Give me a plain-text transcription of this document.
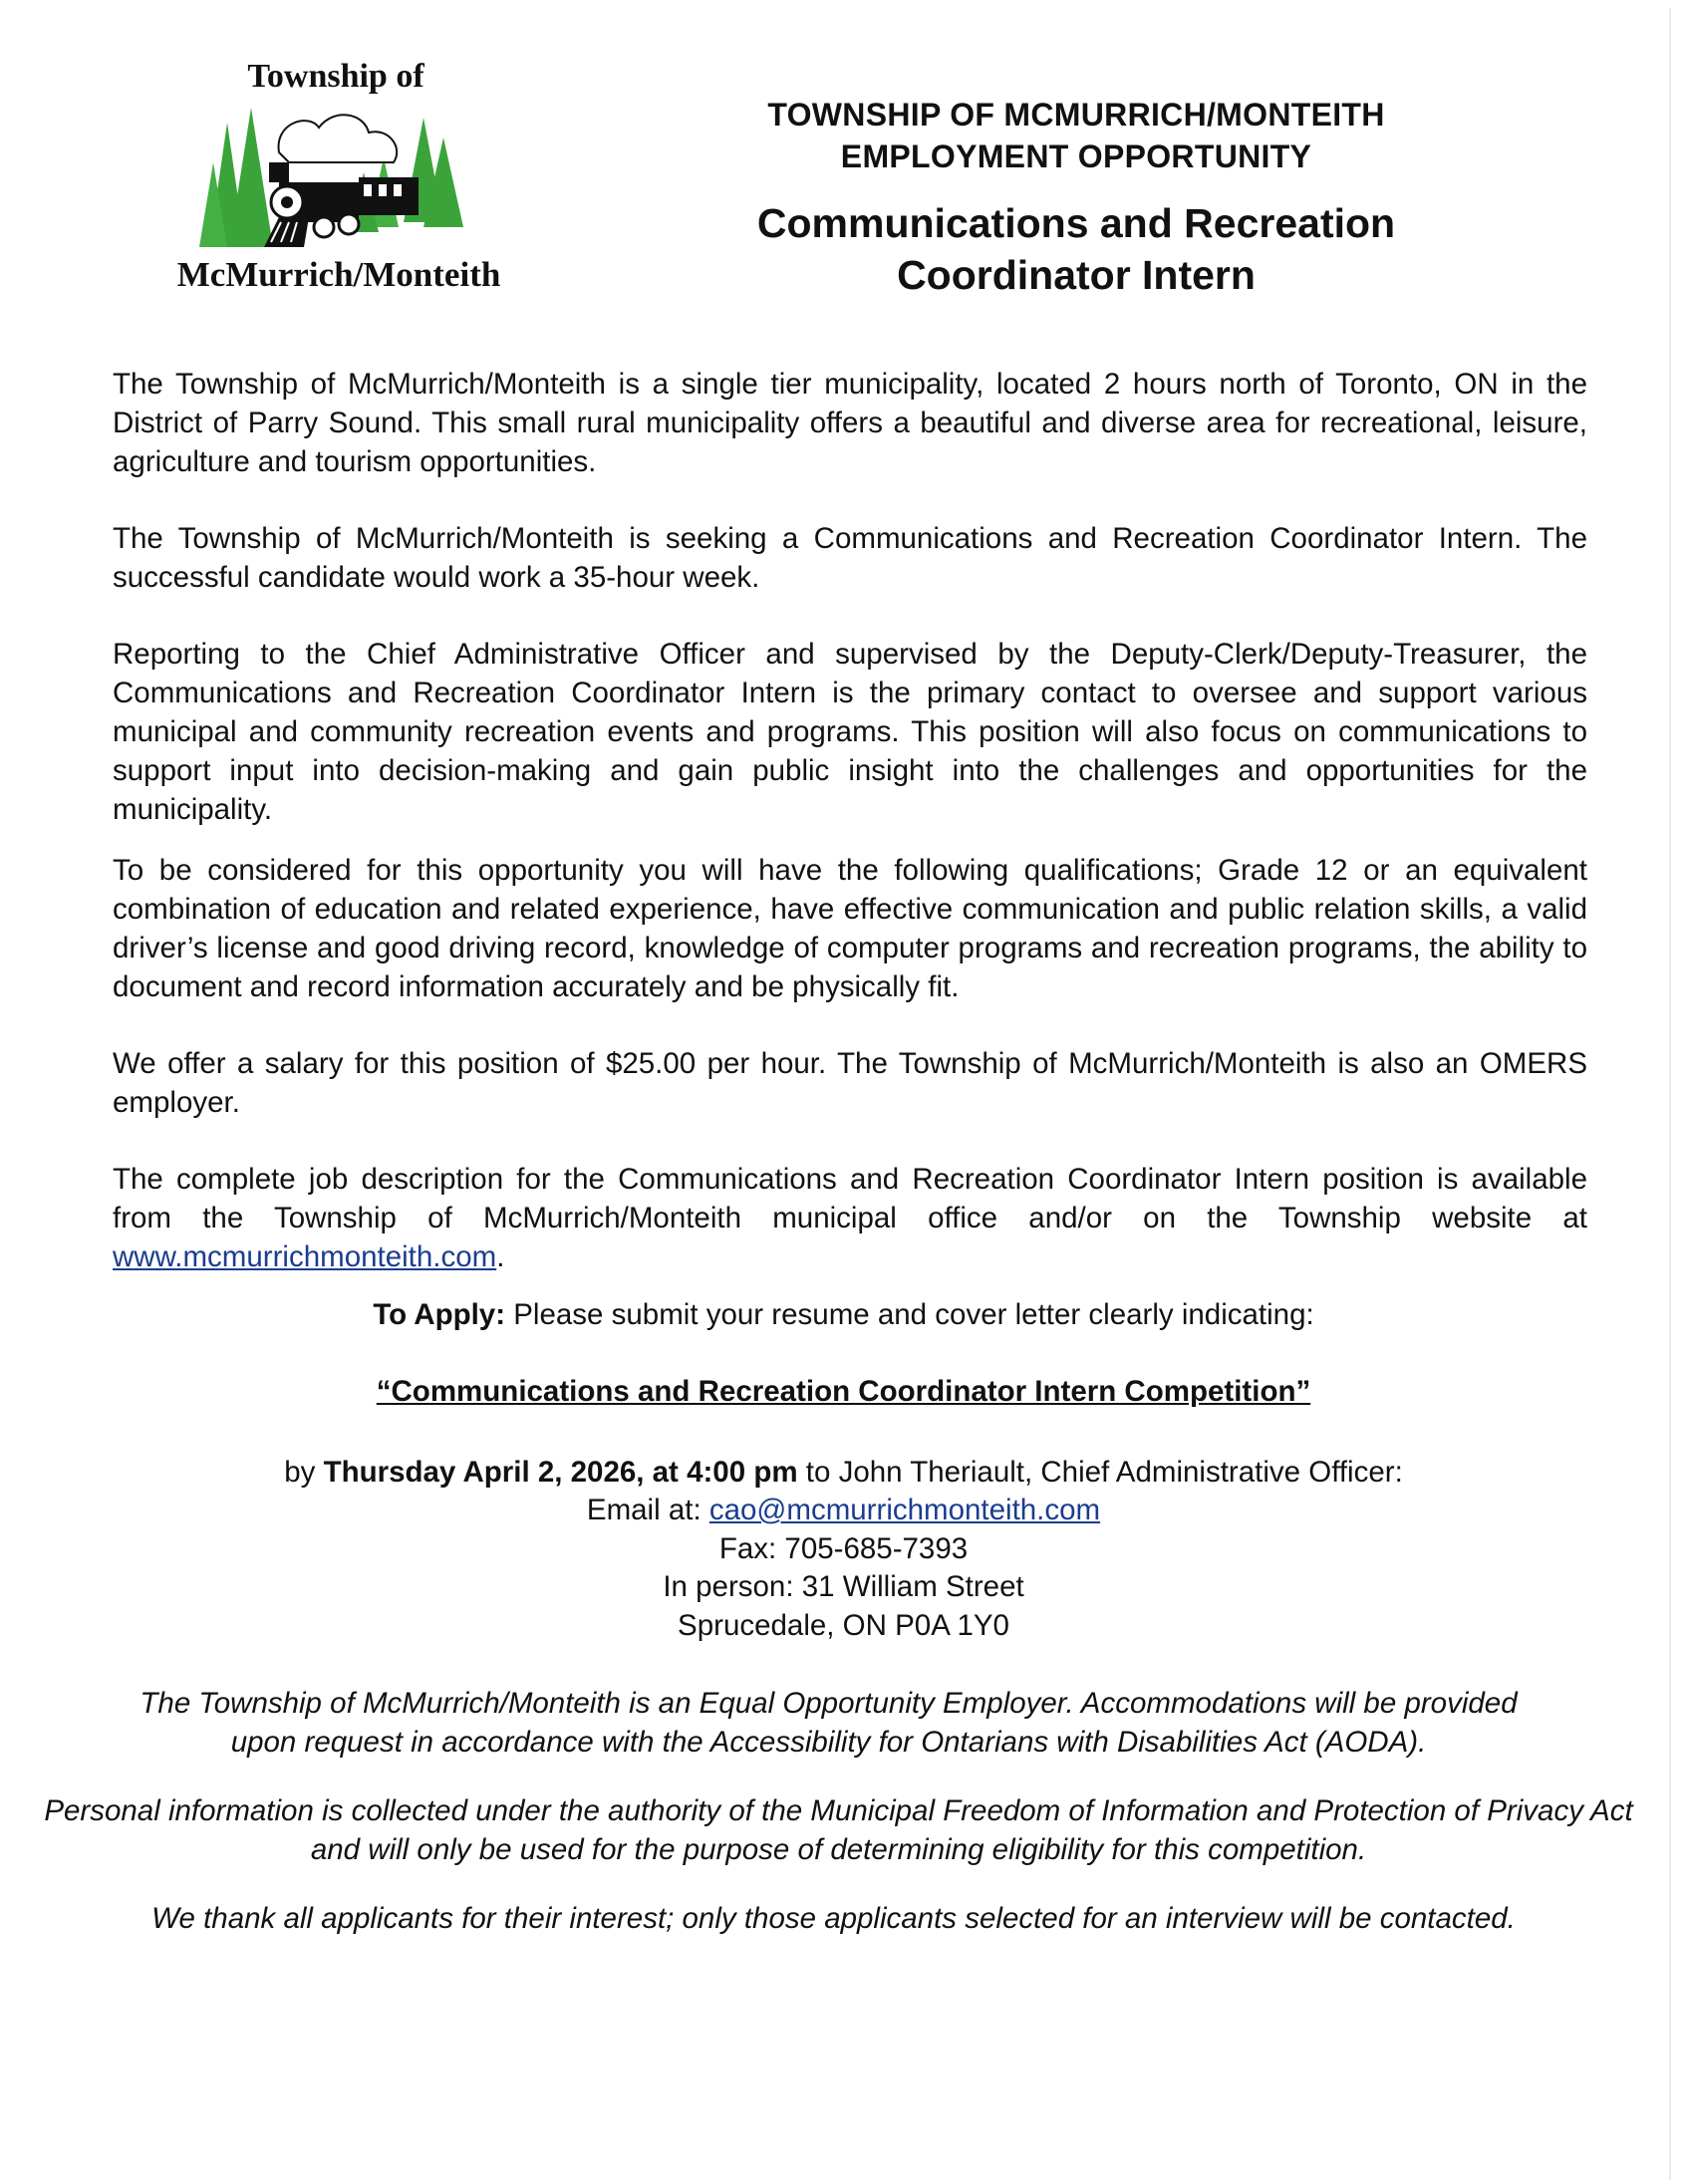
Township of
McMurrich/Monteith
TOWNSHIP OF MCMURRICH/MONTEITH
EMPLOYMENT OPPORTUNITY
Communications and Recreation
Coordinator Intern

The Township of McMurrich/Monteith is a single tier municipality, located 2 hours north of Toronto, ON in the District of Parry Sound. This small rural municipality offers a beautiful and diverse area for recreational, leisure, agriculture and tourism opportunities.

The Township of McMurrich/Monteith is seeking a Communications and Recreation Coordinator Intern. The successful candidate would work a 35-hour week.

Reporting to the Chief Administrative Officer and supervised by the Deputy-Clerk/Deputy-Treasurer, the Communications and Recreation Coordinator Intern is the primary contact to oversee and support various municipal and community recreation events and programs. This position will also focus on communications to support input into decision-making and gain public insight into the challenges and opportunities for the municipality.

To be considered for this opportunity you will have the following qualifications; Grade 12 or an equivalent combination of education and related experience, have effective communication and public relation skills, a valid driver’s license and good driving record, knowledge of computer programs and recreation programs, the ability to document and record information accurately and be physically fit.

We offer a salary for this position of $25.00 per hour. The Township of McMurrich/Monteith is also an OMERS employer.

The complete job description for the Communications and Recreation Coordinator Intern position is available from the Township of McMurrich/Monteith municipal office and/or on the Township website at www.mcmurrichmonteith.com.

To Apply: Please submit your resume and cover letter clearly indicating:
“Communications and Recreation Coordinator Intern Competition”
by Thursday April 2, 2026, at 4:00 pm to John Theriault, Chief Administrative Officer:
Email at: cao@mcmurrichmonteith.com
Fax: 705-685-7393
In person: 31 William Street
Sprucedale, ON P0A 1Y0

The Township of McMurrich/Monteith is an Equal Opportunity Employer. Accommodations will be provided upon request in accordance with the Accessibility for Ontarians with Disabilities Act (AODA).

Personal information is collected under the authority of the Municipal Freedom of Information and Protection of Privacy Act and will only be used for the purpose of determining eligibility for this competition.

We thank all applicants for their interest; only those applicants selected for an interview will be contacted.
